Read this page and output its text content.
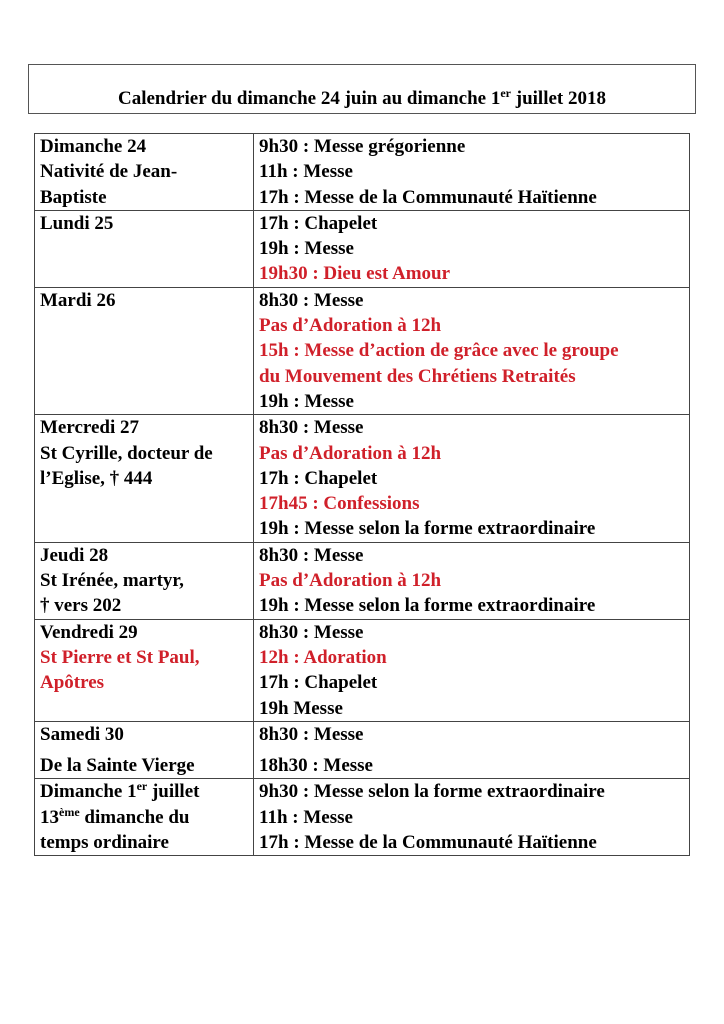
Calendrier du dimanche 24 juin au dimanche 1er juillet 2018
Dimanche 24
Nativité de Jean-
Baptiste	9h30 : Messe grégorienne
11h : Messe
17h : Messe de la Communauté Haïtienne

Lundi 25	17h : Chapelet
19h : Messe
19h30 : Dieu est Amour

Mardi 26	8h30 : Messe
Pas d’Adoration à 12h
15h : Messe d’action de grâce avec le groupe
du Mouvement des Chrétiens Retraités
19h : Messe

Mercredi 27
St Cyrille, docteur de
l’Eglise, † 444	8h30 : Messe
Pas d’Adoration à 12h
17h : Chapelet
17h45 : Confessions
19h : Messe selon la forme extraordinaire

Jeudi 28
St Irénée, martyr,
† vers 202	8h30 : Messe
Pas d’Adoration à 12h
19h : Messe selon la forme extraordinaire

Vendredi 29
St Pierre et St Paul,
Apôtres	8h30 : Messe
12h : Adoration
17h : Chapelet
19h Messe

Samedi 30
De la Sainte Vierge	8h30 : Messe
18h30 : Messe

Dimanche 1er juillet
13ème dimanche du
temps ordinaire	9h30 : Messe selon la forme extraordinaire
11h : Messe
17h : Messe de la Communauté Haïtienne
